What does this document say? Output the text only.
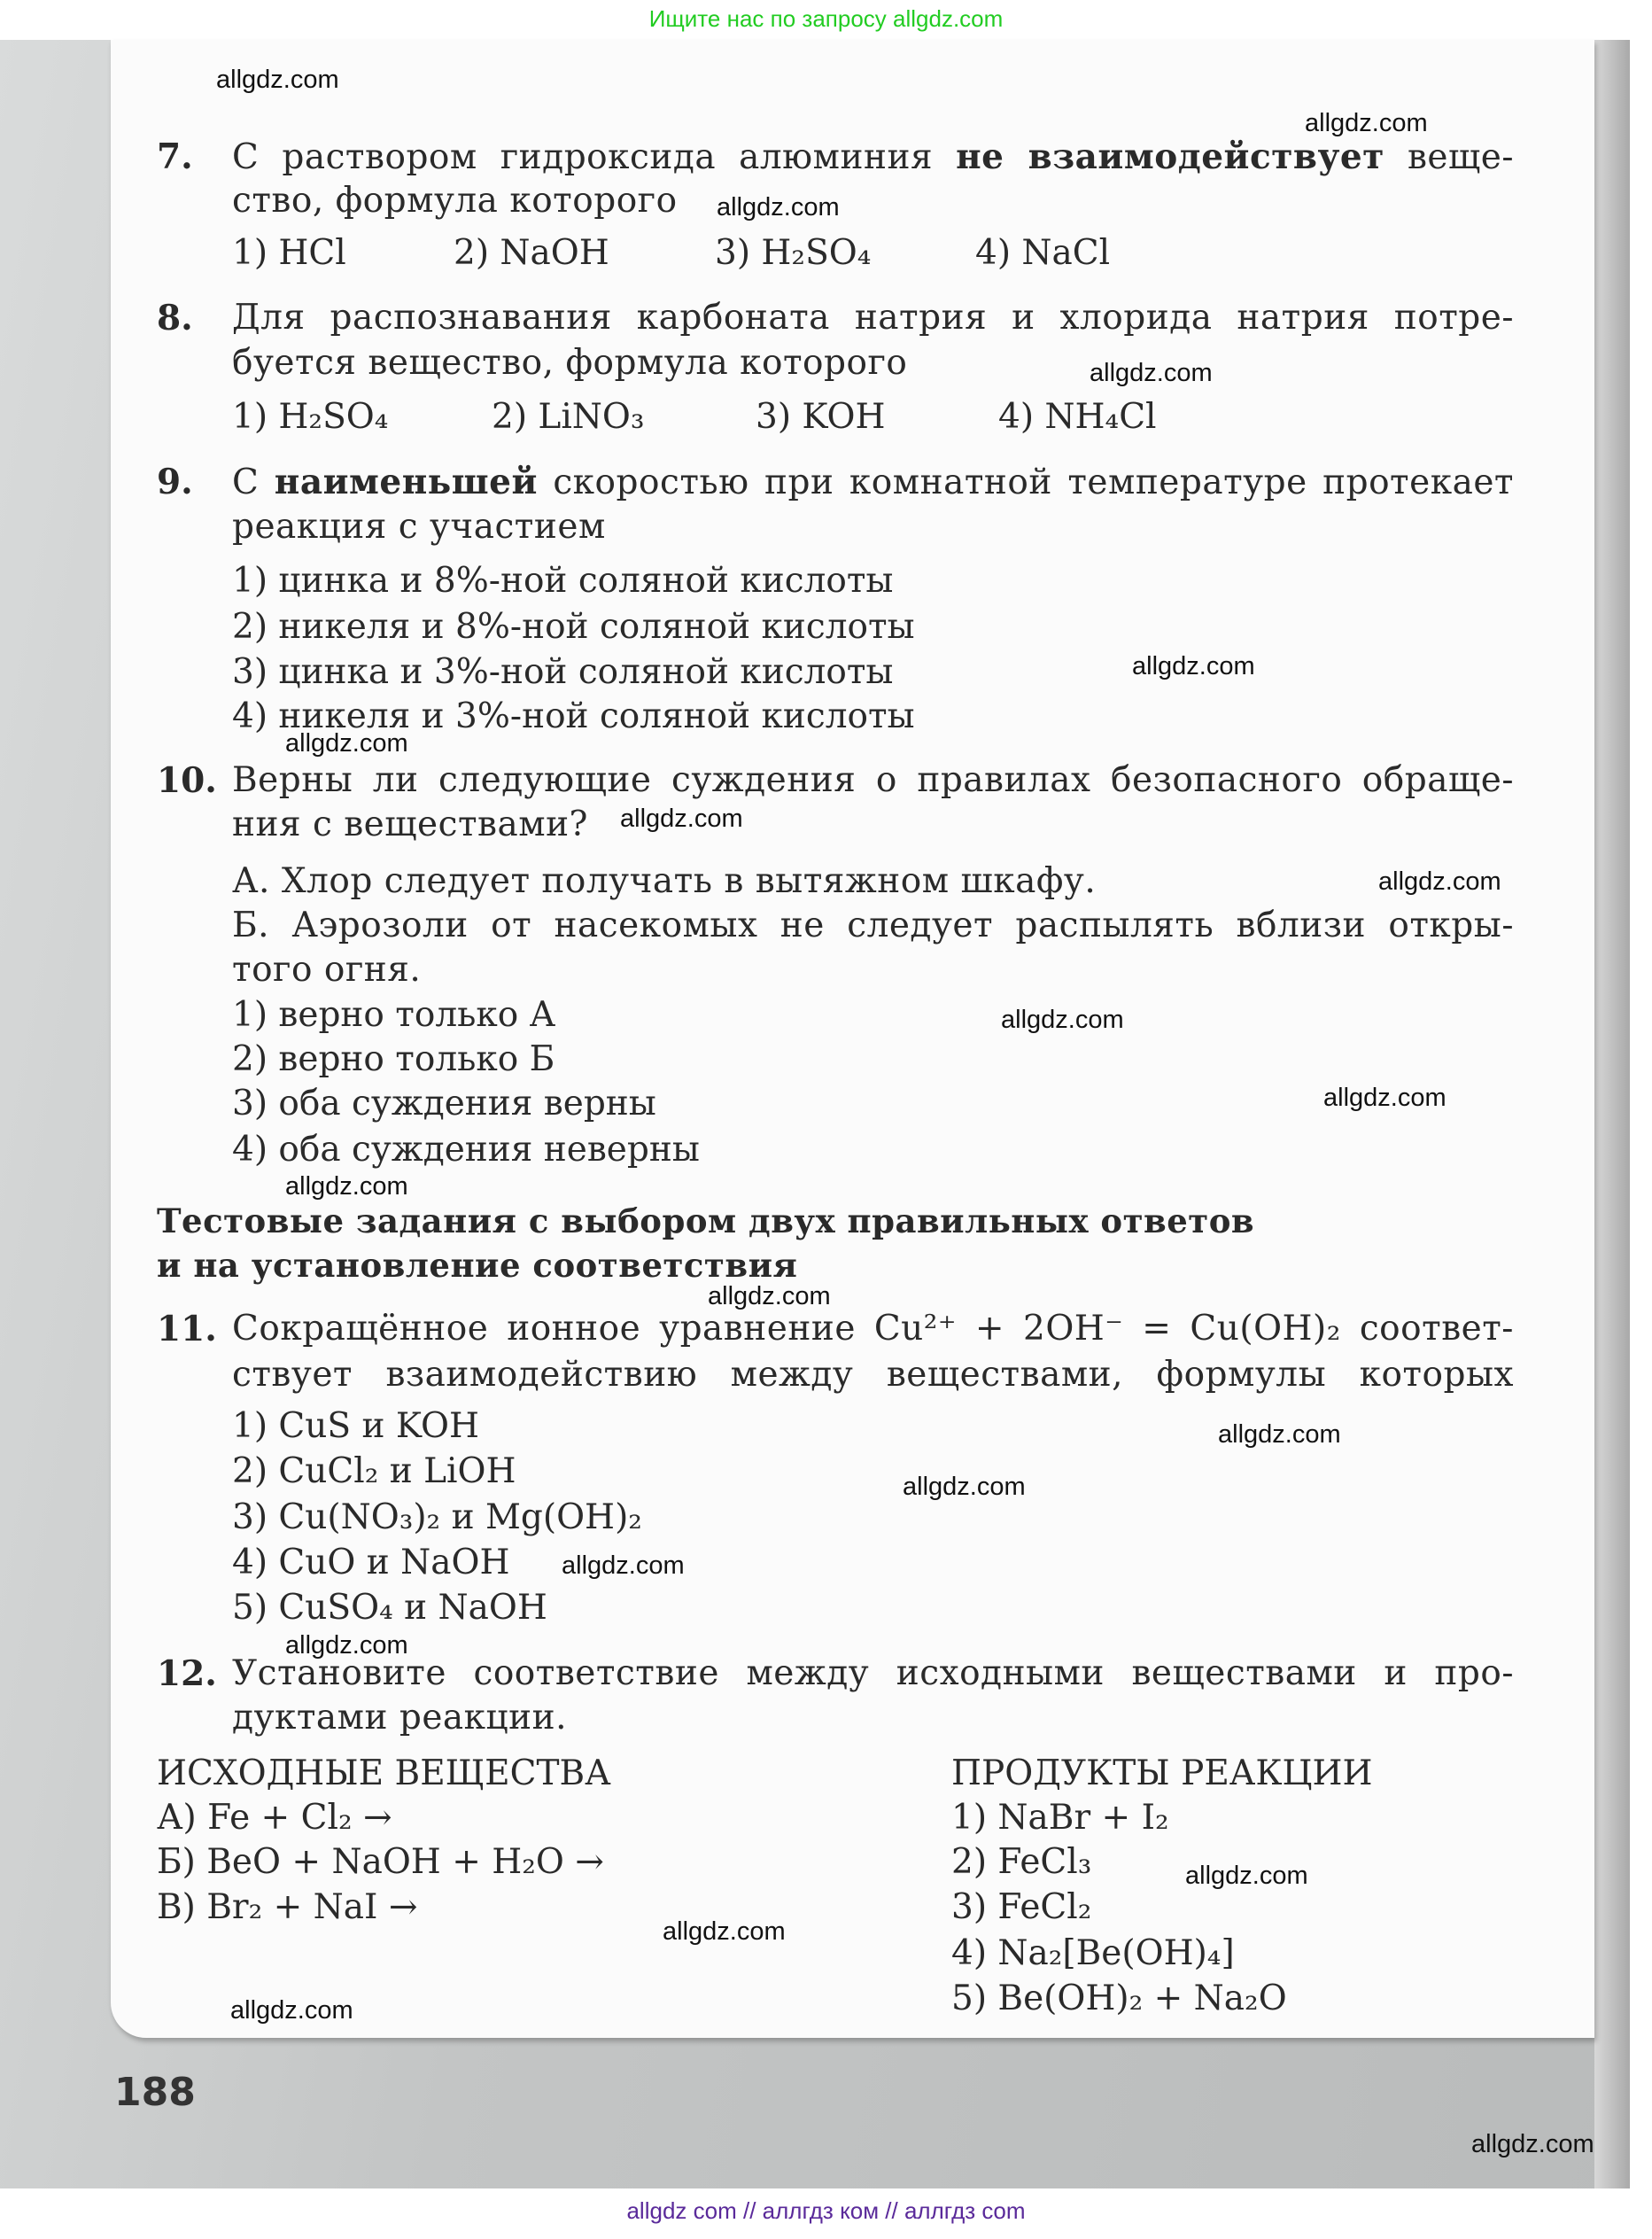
Ищите нас по запросу allgdz.com
7. С раствором гидроксида алюминия не взаимодействует веще-
ство, формула которого
1) HCl	2) NaOH	3) H₂SO₄	4) NaCl
8. Для распознавания карбоната натрия и хлорида натрия потре-
буется вещество, формула которого
1) H₂SO₄	2) LiNO₃	3) KOH	4) NH₄Cl
9. С наименьшей скоростью при комнатной температуре протекает
реакция с участием
1) цинка и 8%-ной соляной кислоты
2) никеля и 8%-ной соляной кислоты
3) цинка и 3%-ной соляной кислоты
4) никеля и 3%-ной соляной кислоты
10. Верны ли следующие суждения о правилах безопасного обраще-
ния с веществами?
А. Хлор следует получать в вытяжном шкафу.
Б. Аэрозоли от насекомых не следует распылять вблизи откры-
того огня.
1) верно только А
2) верно только Б
3) оба суждения верны
4) оба суждения неверны
Тестовые задания с выбором двух правильных ответов
и на установление соответствия
11. Сокращённое ионное уравнение Cu²⁺ + 2OH⁻ = Cu(OH)₂ соответ-
ствует взаимодействию между веществами, формулы которых
1) CuS и KOH
2) CuCl₂ и LiOH
3) Cu(NO₃)₂ и Mg(OH)₂
4) CuO и NaOH
5) CuSO₄ и NaOH
12. Установите соответствие между исходными веществами и про-
дуктами реакции.
ИСХОДНЫЕ ВЕЩЕСТВА	ПРОДУКТЫ РЕАКЦИИ
А) Fe + Cl₂ →
Б) BeO + NaOH + H₂O →
В) Br₂ + NaI →
1) NaBr + I₂
2) FeCl₃
3) FeCl₂
4) Na₂[Be(OH)₄]
5) Be(OH)₂ + Na₂O
188
allgdz.com
allgdz.com
allgdz.com
allgdz.com
allgdz.com
allgdz.com
allgdz.com
allgdz.com
allgdz.com
allgdz.com
allgdz.com
allgdz.com
allgdz.com
allgdz.com
allgdz.com
allgdz.com
allgdz.com
allgdz.com
allgdz.com
allgdz.com
allgdz com // аллгдз ком // аллгдз com
